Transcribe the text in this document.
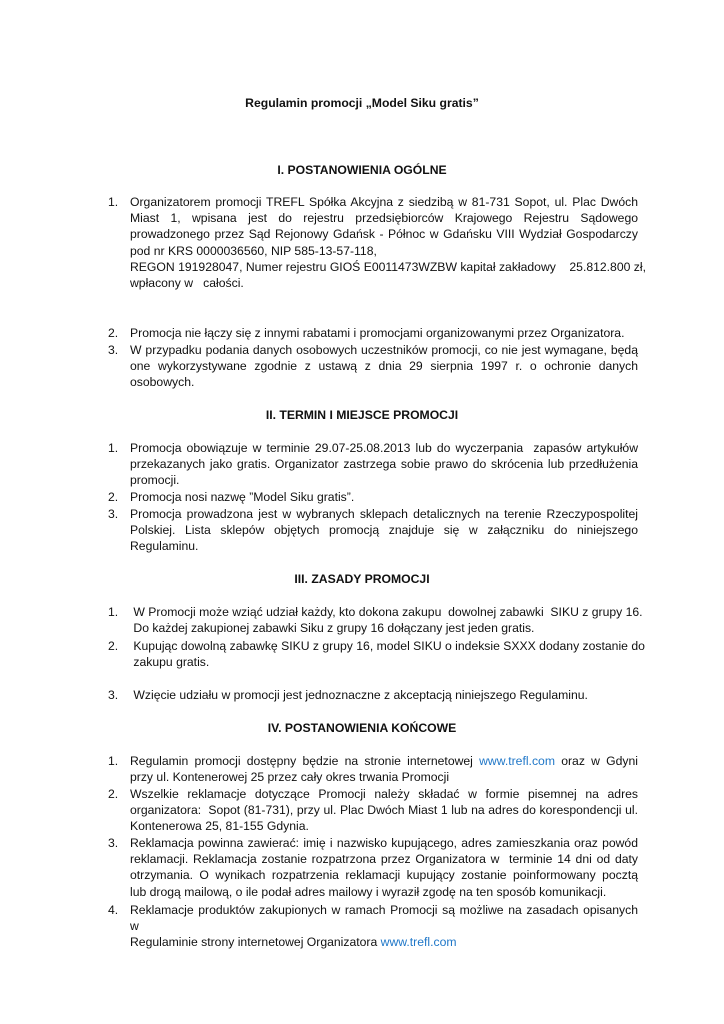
Regulamin promocji „Model Siku gratis”
I. POSTANOWIENIA OGÓLNE
1. Organizatorem promocji TREFL Spółka Akcyjna z siedzibą w 81-731 Sopot, ul. Plac Dwóch
Miast 1, wpisana jest do rejestru przedsiębiorców Krajowego Rejestru Sądowego
prowadzonego przez Sąd Rejonowy Gdańsk - Północ w Gdańsku VIII Wydział Gospodarczy
pod nr KRS 0000036560, NIP 585-13-57-118,
REGON 191928047, Numer rejestru GIOŚ E0011473WZBW kapitał zakładowy    25.812.800 zł,
wpłacony w   całości.
2. Promocja nie łączy się z innymi rabatami i promocjami organizowanymi przez Organizatora.
3. W przypadku podania danych osobowych uczestników promocji, co nie jest wymagane, będą
one wykorzystywane zgodnie z ustawą z dnia 29 sierpnia 1997 r. o ochronie danych
osobowych.
II. TERMIN I MIEJSCE PROMOCJI
1. Promocja obowiązuje w terminie 29.07-25.08.2013 lub do wyczerpania  zapasów artykułów
przekazanych jako gratis. Organizator zastrzega sobie prawo do skrócenia lub przedłużenia
promocji.
2. Promocja nosi nazwę ”Model Siku gratis”.
3. Promocja prowadzona jest w wybranych sklepach detalicznych na terenie Rzeczypospolitej
Polskiej. Lista sklepów objętych promocją znajduje się w załączniku do niniejszego
Regulaminu.
III. ZASADY PROMOCJI
1. W Promocji może wziąć udział każdy, kto dokona zakupu  dowolnej zabawki  SIKU z grupy 16.
Do każdej zakupionej zabawki Siku z grupy 16 dołączany jest jeden gratis.
2. Kupując dowolną zabawkę SIKU z grupy 16, model SIKU o indeksie SXXX dodany zostanie do
zakupu gratis.
3. Wzięcie udziału w promocji jest jednoznaczne z akceptacją niniejszego Regulaminu.
IV. POSTANOWIENIA KOŃCOWE
1. Regulamin promocji dostępny będzie na stronie internetowej www.trefl.com oraz w Gdyni
przy ul. Kontenerowej 25 przez cały okres trwania Promocji
2. Wszelkie reklamacje dotyczące Promocji należy składać w formie pisemnej na adres
organizatora:  Sopot (81-731), przy ul. Plac Dwóch Miast 1 lub na adres do korespondencji ul.
Kontenerowa 25, 81-155 Gdynia.
3. Reklamacja powinna zawierać: imię i nazwisko kupującego, adres zamieszkania oraz powód
reklamacji. Reklamacja zostanie rozpatrzona przez Organizatora w  terminie 14 dni od daty
otrzymania. O wynikach rozpatrzenia reklamacji kupujący zostanie poinformowany pocztą
lub drogą mailową, o ile podał adres mailowy i wyraził zgodę na ten sposób komunikacji.
4. Reklamacje produktów zakupionych w ramach Promocji są możliwe na zasadach opisanych w
Regulaminie strony internetowej Organizatora www.trefl.com
